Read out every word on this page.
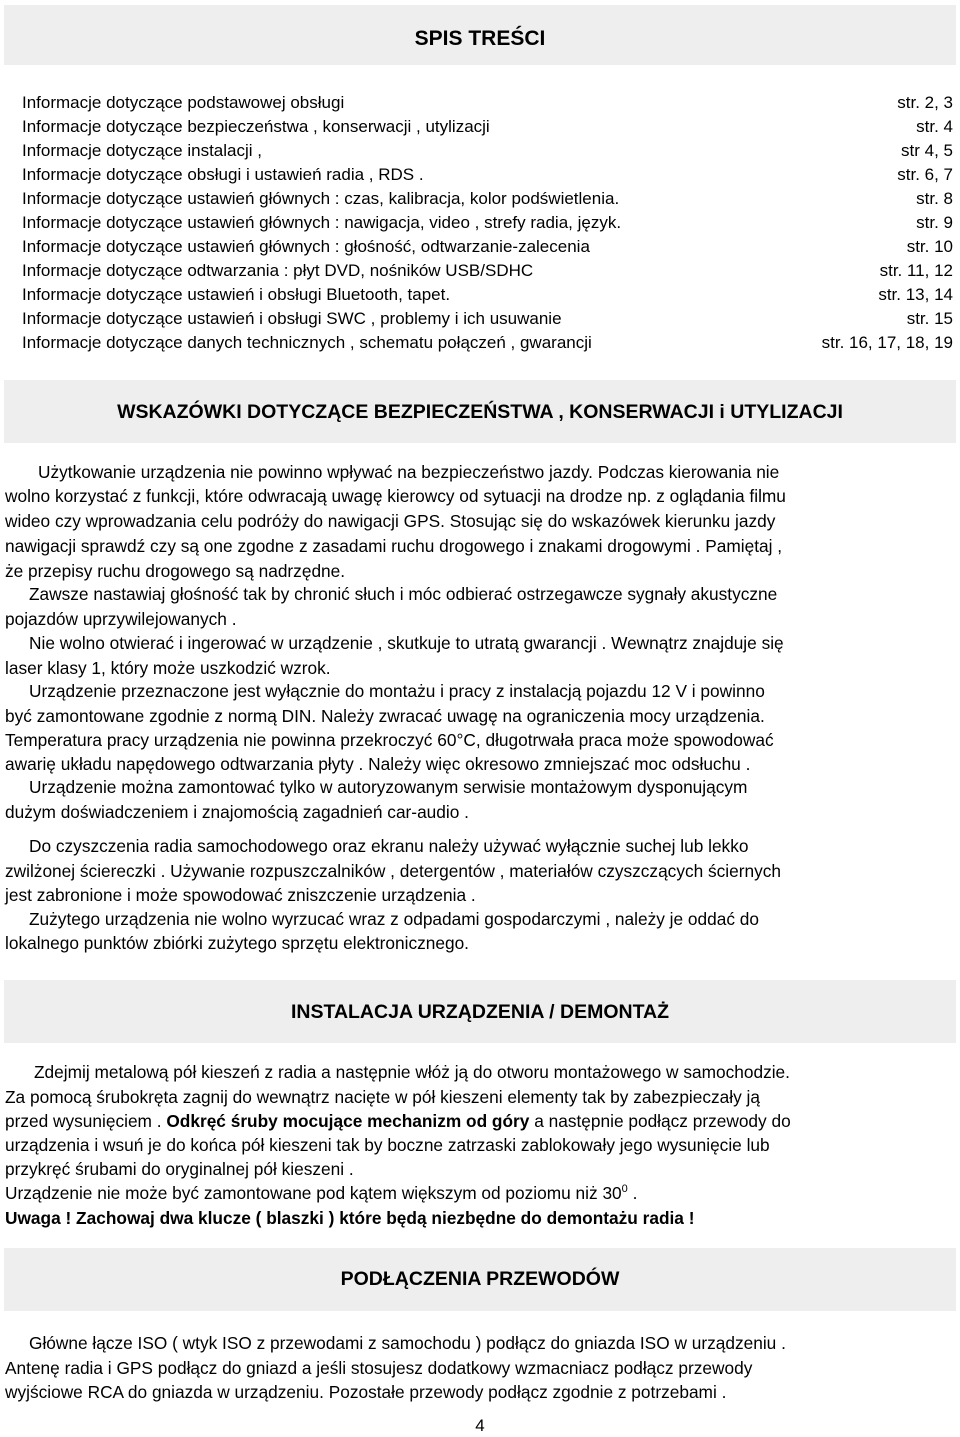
SPIS TREŚCI
Informacje dotyczące podstawowej obsługi	str. 2, 3
Informacje dotyczące bezpieczeństwa , konserwacji , utylizacji	str. 4
Informacje dotyczące instalacji ,	str 4, 5
Informacje dotyczące obsługi i ustawień radia , RDS .	str. 6, 7
Informacje dotyczące ustawień głównych : czas, kalibracja, kolor podświetlenia.	str. 8
Informacje dotyczące ustawień głównych : nawigacja, video , strefy radia, język.	str. 9
Informacje dotyczące ustawień głównych : głośność, odtwarzanie-zalecenia	str. 10
Informacje dotyczące odtwarzania : płyt DVD, nośników USB/SDHC	str. 11, 12
Informacje dotyczące ustawień i obsługi Bluetooth, tapet.	str. 13, 14
Informacje dotyczące ustawień i obsługi SWC , problemy i ich usuwanie	str. 15
Informacje dotyczące danych technicznych , schematu połączeń , gwarancji	str. 16, 17, 18, 19
WSKAZÓWKI DOTYCZĄCE BEZPIECZEŃSTWA , KONSERWACJI i UTYLIZACJI
Użytkowanie urządzenia nie powinno wpływać na bezpieczeństwo jazdy. Podczas kierowania nie
wolno korzystać z funkcji, które odwracają uwagę kierowcy od sytuacji na drodze np. z oglądania filmu
wideo czy wprowadzania celu podróży do nawigacji GPS. Stosując się do wskazówek kierunku jazdy
nawigacji sprawdź czy są one zgodne z zasadami ruchu drogowego i znakami drogowymi . Pamiętaj ,
że przepisy ruchu drogowego są nadrzędne.
Zawsze nastawiaj głośność tak by chronić słuch i móc odbierać ostrzegawcze sygnały akustyczne
pojazdów uprzywilejowanych .
Nie wolno otwierać i ingerować w urządzenie , skutkuje to utratą gwarancji . Wewnątrz znajduje się
laser klasy 1, który może uszkodzić wzrok.
Urządzenie przeznaczone jest wyłącznie do montażu i pracy z instalacją pojazdu 12 V i powinno
być zamontowane zgodnie z normą DIN. Należy zwracać uwagę na ograniczenia mocy urządzenia.
Temperatura pracy urządzenia nie powinna przekroczyć 60°C, długotrwała praca może spowodować
awarię układu napędowego odtwarzania płyty . Należy więc okresowo zmniejszać moc odsłuchu .
Urządzenie można zamontować tylko w autoryzowanym serwisie montażowym dysponującym
dużym doświadczeniem i znajomością zagadnień car-audio .
Do czyszczenia radia samochodowego oraz ekranu należy używać wyłącznie suchej lub lekko
zwilżonej ściereczki . Używanie rozpuszczalników , detergentów , materiałów czyszczących ściernych
jest zabronione i może spowodować zniszczenie urządzenia .
Zużytego urządzenia nie wolno wyrzucać wraz z odpadami gospodarczymi , należy je oddać do
lokalnego punktów zbiórki zużytego sprzętu elektronicznego.
INSTALACJA URZĄDZENIA / DEMONTAŻ
Zdejmij metalową pół kieszeń z radia a następnie włóż ją do otworu montażowego w samochodzie.
Za pomocą śrubokręta zagnij do wewnątrz nacięte w pół kieszeni elementy tak by zabezpieczały ją
przed wysunięciem . Odkręć śruby mocujące mechanizm od góry a następnie podłącz przewody do
urządzenia i wsuń je do końca pół kieszeni tak by boczne zatrzaski zablokowały jego wysunięcie lub
przykręć śrubami do oryginalnej pół kieszeni .
Urządzenie nie może być zamontowane pod kątem większym od poziomu niż $30^0$ .
Uwaga ! Zachowaj dwa klucze ( blaszki ) które będą niezbędne do demontażu radia !
PODŁĄCZENIA PRZEWODÓW
Główne łącze ISO ( wtyk ISO z przewodami z samochodu ) podłącz do gniazda ISO w urządzeniu .
Antenę radia i GPS podłącz do gniazd a jeśli stosujesz dodatkowy wzmacniacz podłącz przewody
wyjściowe RCA do gniazda w urządzeniu. Pozostałe przewody podłącz zgodnie z potrzebami .
4
